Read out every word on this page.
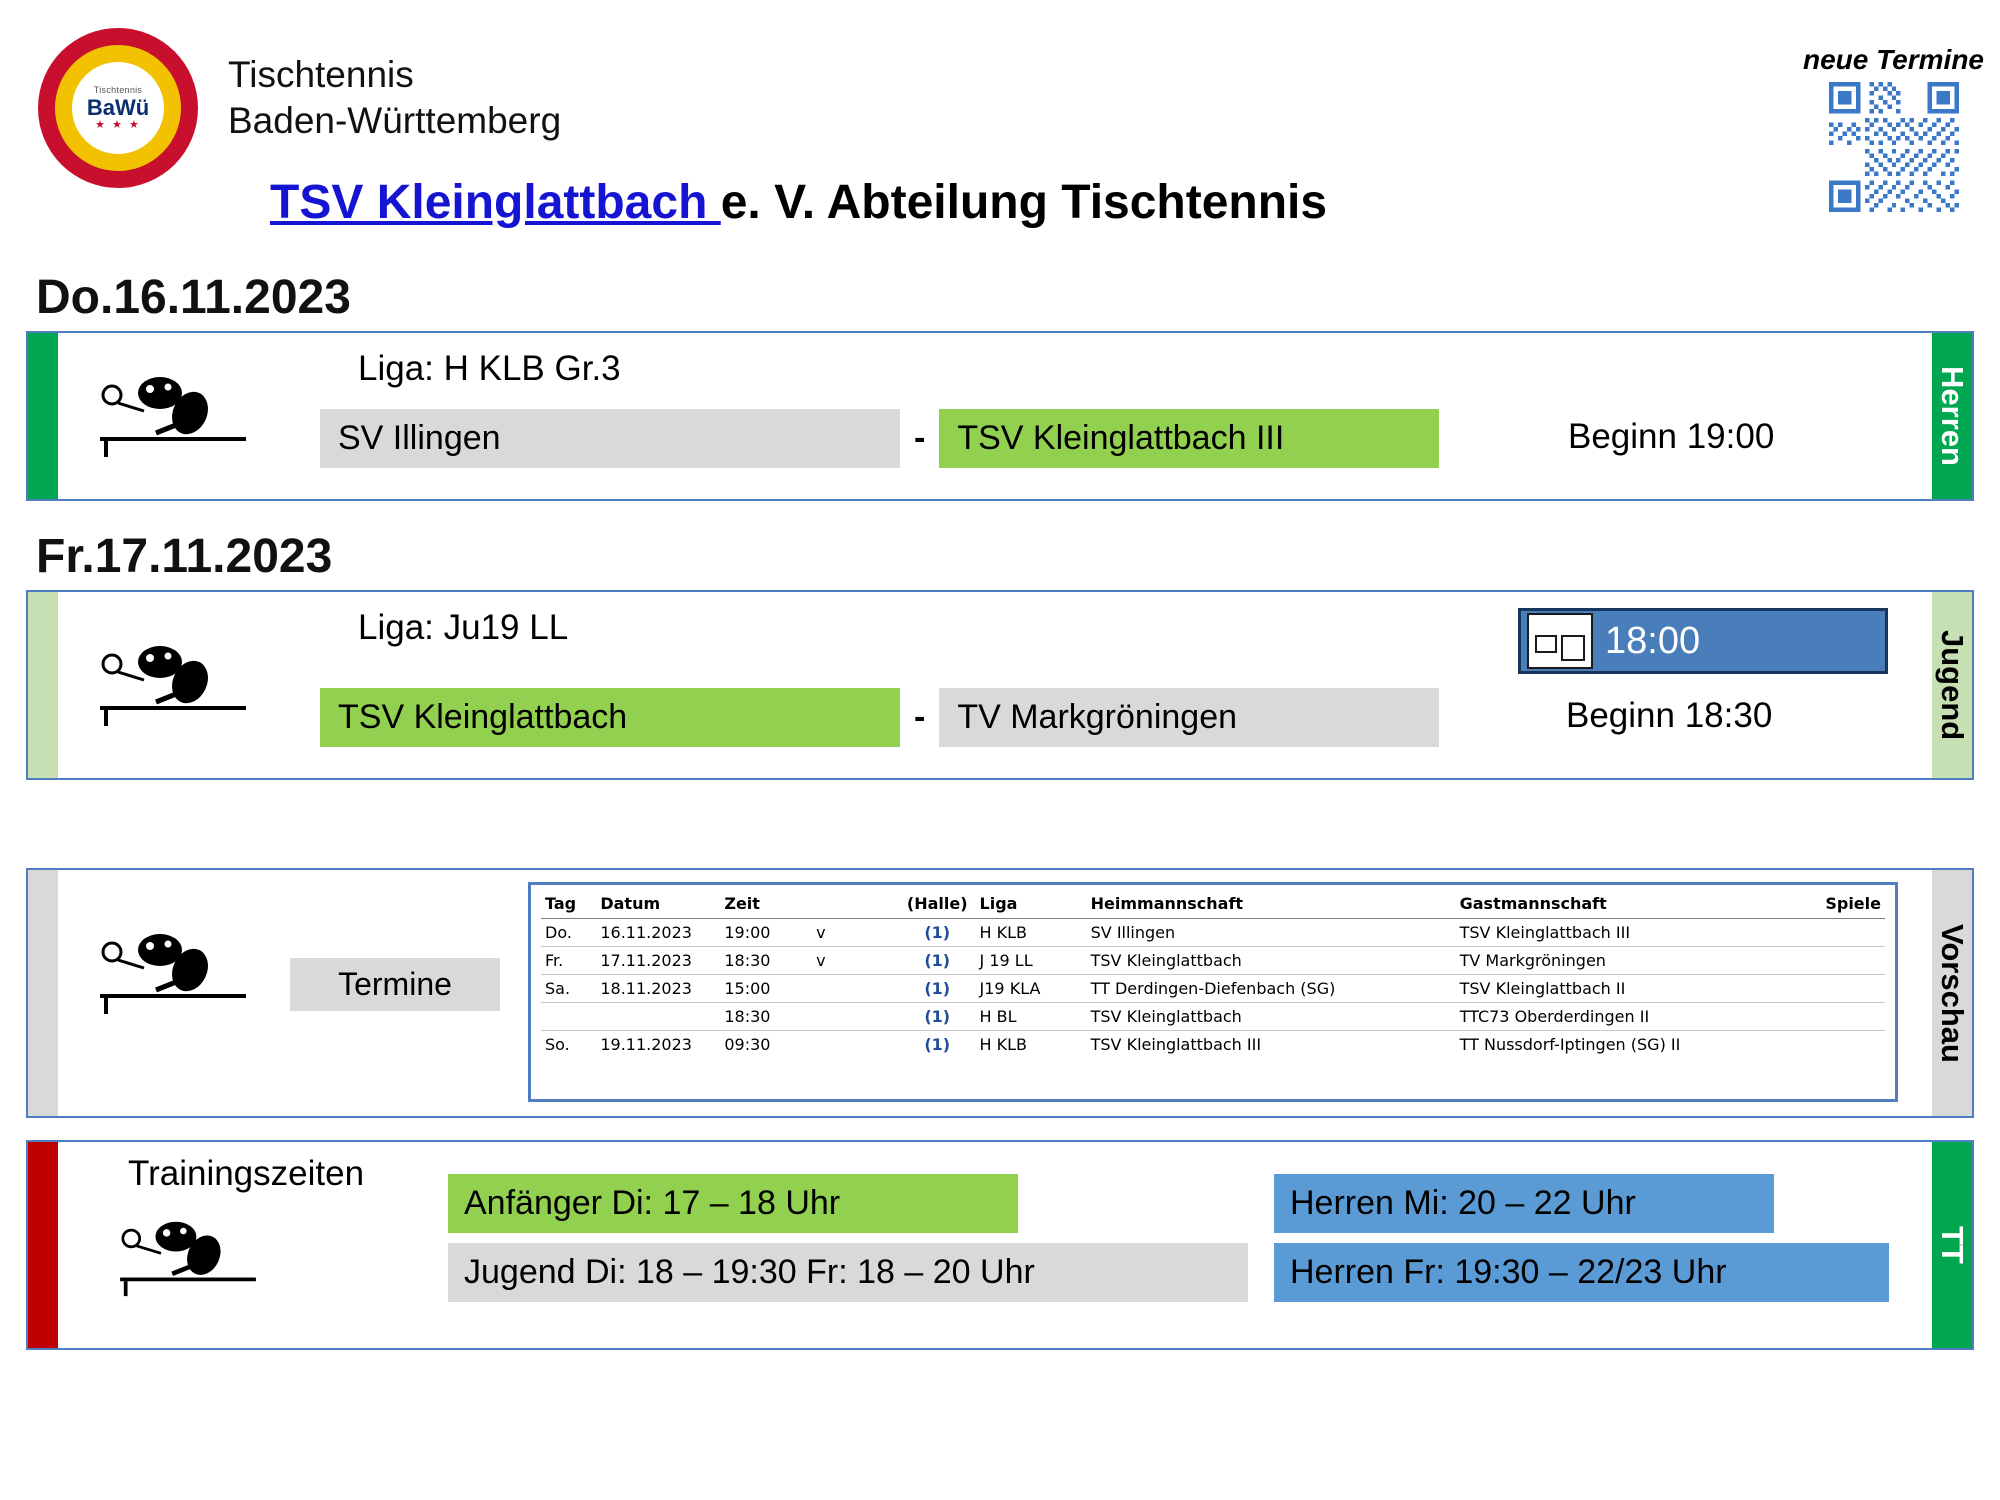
Tischtennis
BaWü
★ ★ ★
Tischtennis
Baden-Württemberg
neue Termine
TSV Kleinglattbach e. V. Abteilung Tischtennis
Do.16.11.2023
Liga: H KLB Gr.3
SV Illingen	- TSV Kleinglattbach III	Beginn 19:00	Herren
Fr.17.11.2023
Liga: Ju19 LL	18:00
TSV Kleinglattbach	- TV Markgröningen	Beginn 18:30	Jugend
Termine
Tag	Datum	Zeit		(Halle)	Liga	Heimmannschaft	Gastmannschaft	Spiele
Do.	16.11.2023	19:00	v	(1)	H KLB	SV Illingen	TSV Kleinglattbach III	
Fr.	17.11.2023	18:30	v	(1)	J 19 LL	TSV Kleinglattbach	TV Markgröningen	
Sa.	18.11.2023	15:00		(1)	J19 KLA	TT Derdingen-Diefenbach (SG)	TSV Kleinglattbach II	
		18:30		(1)	H BL	TSV Kleinglattbach	TTC73 Oberderdingen II	
So.	19.11.2023	09:30		(1)	H KLB	TSV Kleinglattbach III	TT Nussdorf-Iptingen (SG) II		Vorschau
Trainingszeiten
Anfänger Di: 17 – 18 Uhr	Herren Mi: 20 – 22 Uhr
Jugend Di: 18 – 19:30 Fr: 18 – 20 Uhr	Herren Fr: 19:30 – 22/23 Uhr
TT
